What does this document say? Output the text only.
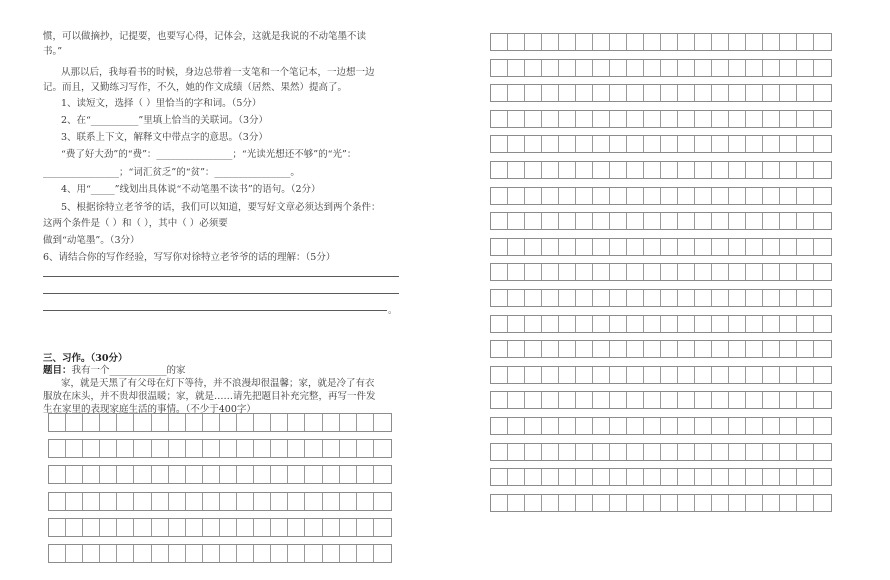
惯，可以做摘抄，记提要，也要写心得，记体会，这就是我说的不动笔墨不读
书。”
从那以后，我每看书的时候，身边总带着一支笔和一个笔记本，一边想一边
记。而且，又勤练习写作，不久，她的作文成绩（居然、果然）提高了。
1、读短文，选择（ ）里恰当的字和词。（5分）
2、在“__________”里填上恰当的关联词。（3分）
3、联系上下文，解释文中带点字的意思。（3分）
“费了好大劲”的“费”：________________；“光读光想还不够”的“光”：
________________；“词汇贫乏”的“贫”：________________。
4、用“_____”线划出具体说“不动笔墨不读书”的语句。（2分）
5、根据徐特立老爷爷的话，我们可以知道，要写好文章必须达到两个条件：
这两个条件是（ ）和（ ），其中（ ）必须要
做到“动笔墨”。（3分）
6、请结合你的写作经验，写写你对徐特立老爷爷的话的理解：（5分）
。
三、习作。（30分）
题目：我有一个____________的家
家，就是天黑了有父母在灯下等待，并不浪漫却很温馨；家，就是冷了有衣
服放在床头，并不贵却很温暖；家，就是……请先把题目补充完整，再写一件发
生在家里的表现家庭生活的事情。（不少于400字）
